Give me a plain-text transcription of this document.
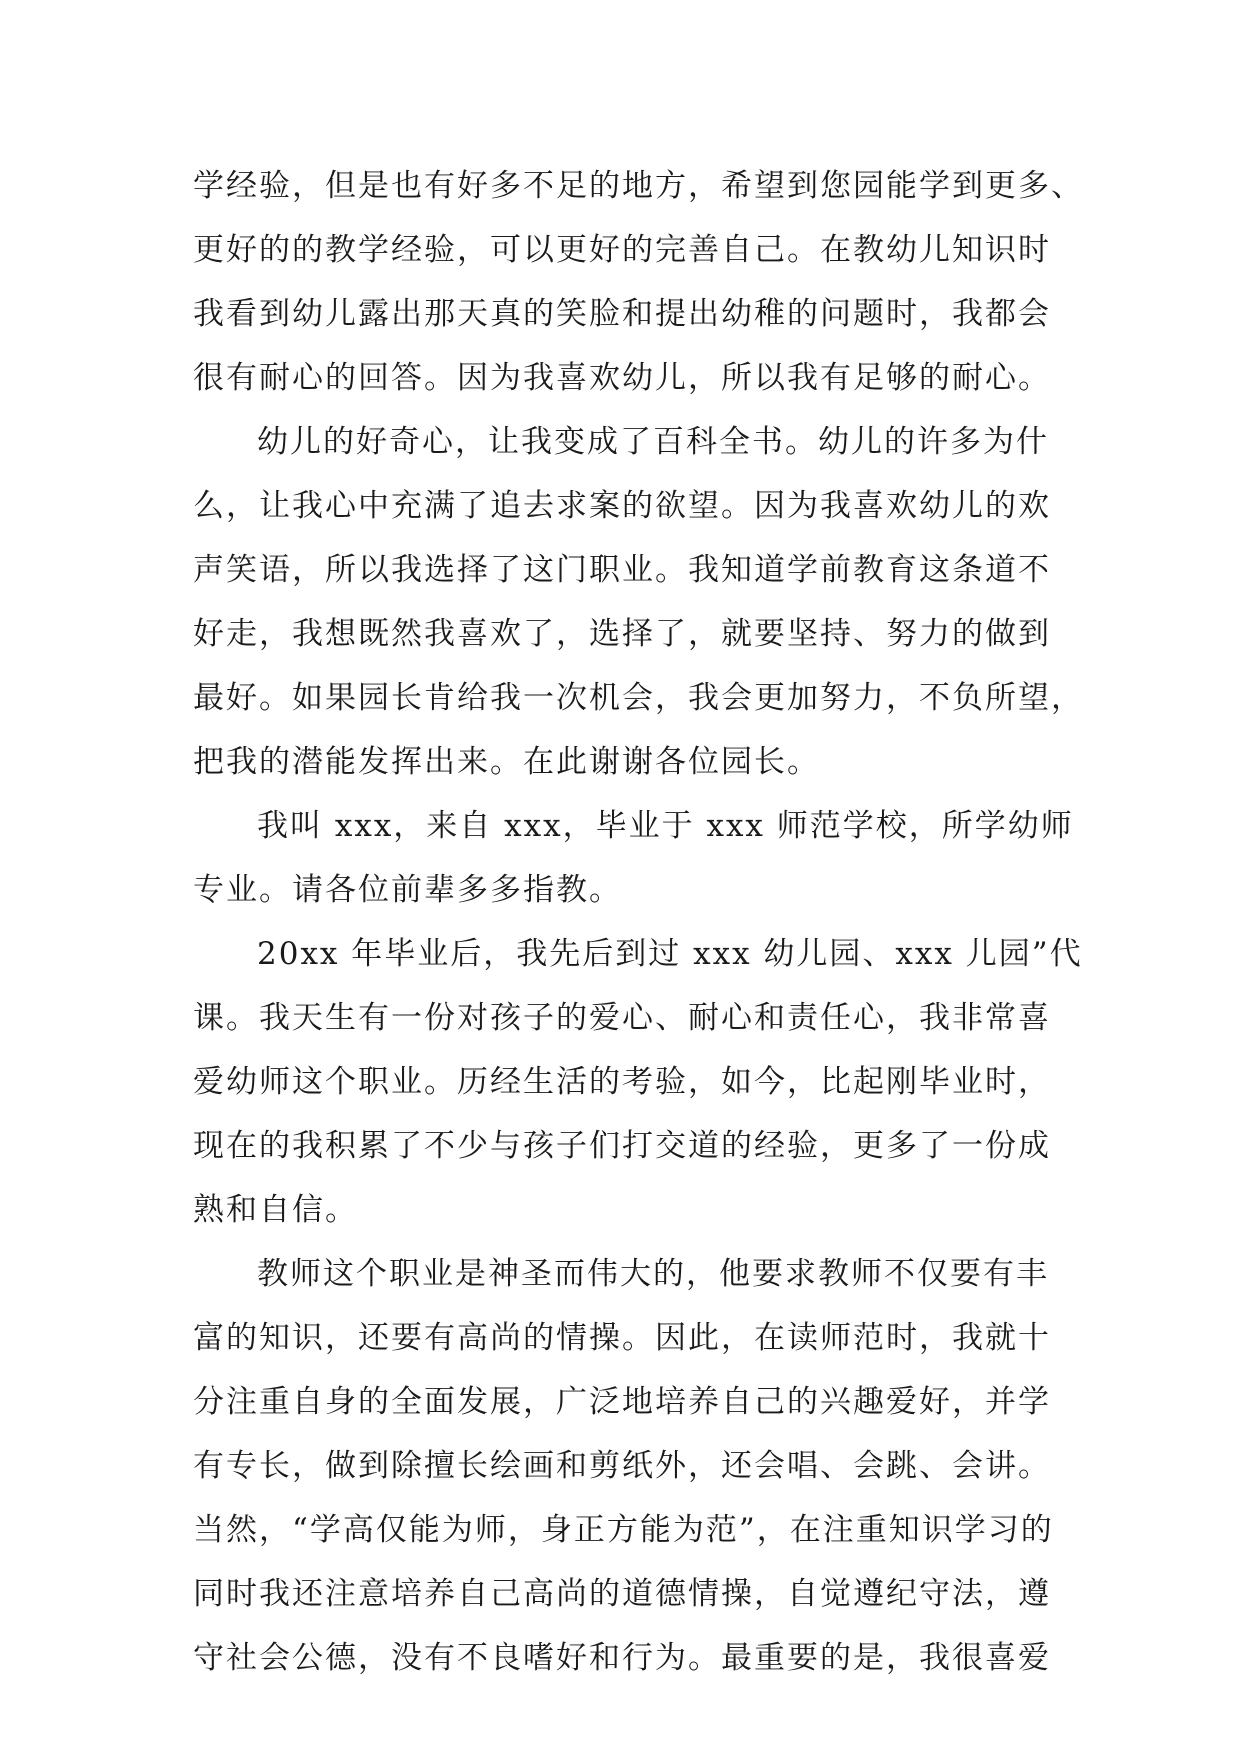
学经验，但是也有好多不足的地方，希望到您园能学到更多、
更好的的教学经验，可以更好的完善自己。在教幼儿知识时
我看到幼儿露出那天真的笑脸和提出幼稚的问题时，我都会
很有耐心的回答。因为我喜欢幼儿，所以我有足够的耐心。
幼儿的好奇心，让我变成了百科全书。幼儿的许多为什
么，让我心中充满了追去求案的欲望。因为我喜欢幼儿的欢
声笑语，所以我选择了这门职业。我知道学前教育这条道不
好走，我想既然我喜欢了，选择了，就要坚持、努力的做到
最好。如果园长肯给我一次机会，我会更加努力，不负所望，
把我的潜能发挥出来。在此谢谢各位园长。
我叫 xxx，来自 xxx，毕业于 xxx 师范学校，所学幼师
专业。请各位前辈多多指教。
20xx 年毕业后，我先后到过 xxx 幼儿园、xxx 儿园”代
课。我天生有一份对孩子的爱心、耐心和责任心，我非常喜
爱幼师这个职业。历经生活的考验，如今，比起刚毕业时，
现在的我积累了不少与孩子们打交道的经验，更多了一份成
熟和自信。
教师这个职业是神圣而伟大的，他要求教师不仅要有丰
富的知识，还要有高尚的情操。因此，在读师范时，我就十
分注重自身的全面发展，广泛地培养自己的兴趣爱好，并学
有专长，做到除擅长绘画和剪纸外，还会唱、会跳、会讲。
当然，“学高仅能为师，身正方能为范”，在注重知识学习的
同时我还注意培养自己高尚的道德情操，自觉遵纪守法，遵
守社会公德，没有不良嗜好和行为。最重要的是，我很喜爱
